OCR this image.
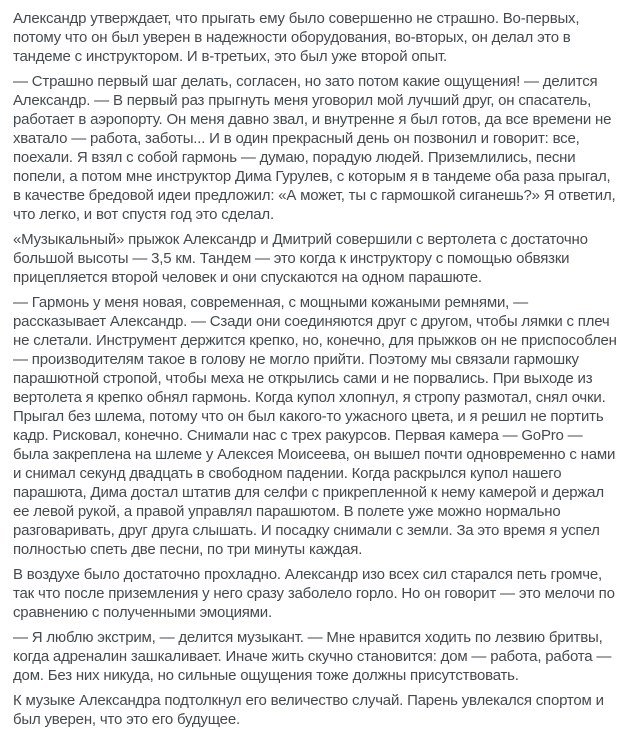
Александр утверждает, что прыгать ему было совершенно не страшно. Во-первых, потому что он был уверен в надежности оборудования, во-вторых, он делал это в тандеме с инструктором. И в-третьих, это был уже второй опыт.

— Страшно первый шаг делать, согласен, но зато потом какие ощущения! — делится Александр. — В первый раз прыгнуть меня уговорил мой лучший друг, он спасатель, работает в аэропорту. Он меня давно звал, и внутренне я был готов, да все времени не хватало — работа, заботы... И в один прекрасный день он позвонил и говорит: все, поехали. Я взял с собой гармонь — думаю, порадую людей. Приземлились, песни попели, а потом мне инструктор Дима Гурулев, с которым я в тандеме оба раза прыгал, в качестве бредовой идеи предложил: «А может, ты с гармошкой сиганешь?» Я ответил, что легко, и вот спустя год это сделал.

«Музыкальный» прыжок Александр и Дмитрий совершили с вертолета с достаточно большой высоты — 3,5 км. Тандем — это когда к инструктору с помощью обвязки прицепляется второй человек и они спускаются на одном парашюте.

— Гармонь у меня новая, современная, с мощными кожаными ремнями, — рассказывает Александр. — Сзади они соединяются друг с другом, чтобы лямки с плеч не слетали. Инструмент держится крепко, но, конечно, для прыжков он не приспособлен — производителям такое в голову не могло прийти. Поэтому мы связали гармошку парашютной стропой, чтобы меха не открылись сами и не порвались. При выходе из вертолета я крепко обнял гармонь. Когда купол хлопнул, я стропу размотал, снял очки. Прыгал без шлема, потому что он был какого-то ужасного цвета, и я решил не портить кадр. Рисковал, конечно. Снимали нас с трех ракурсов. Первая камера — GoPro — была закреплена на шлеме у Алексея Моисеева, он вышел почти одновременно с нами и снимал секунд двадцать в свободном падении. Когда раскрылся купол нашего парашюта, Дима достал штатив для селфи с прикрепленной к нему камерой и держал ее левой рукой, а правой управлял парашютом. В полете уже можно нормально разговаривать, друг друга слышать. И посадку снимали с земли. За это время я успел полностью спеть две песни, по три минуты каждая.

В воздухе было достаточно прохладно. Александр изо всех сил старался петь громче, так что после приземления у него сразу заболело горло. Но он говорит — это мелочи по сравнению с полученными эмоциями.

— Я люблю экстрим, — делится музыкант. — Мне нравится ходить по лезвию бритвы, когда адреналин зашкаливает. Иначе жить скучно становится: дом — работа, работа — дом. Без них никуда, но сильные ощущения тоже должны присутствовать.

К музыке Александра подтолкнул его величество случай. Парень увлекался спортом и был уверен, что это его будущее.
